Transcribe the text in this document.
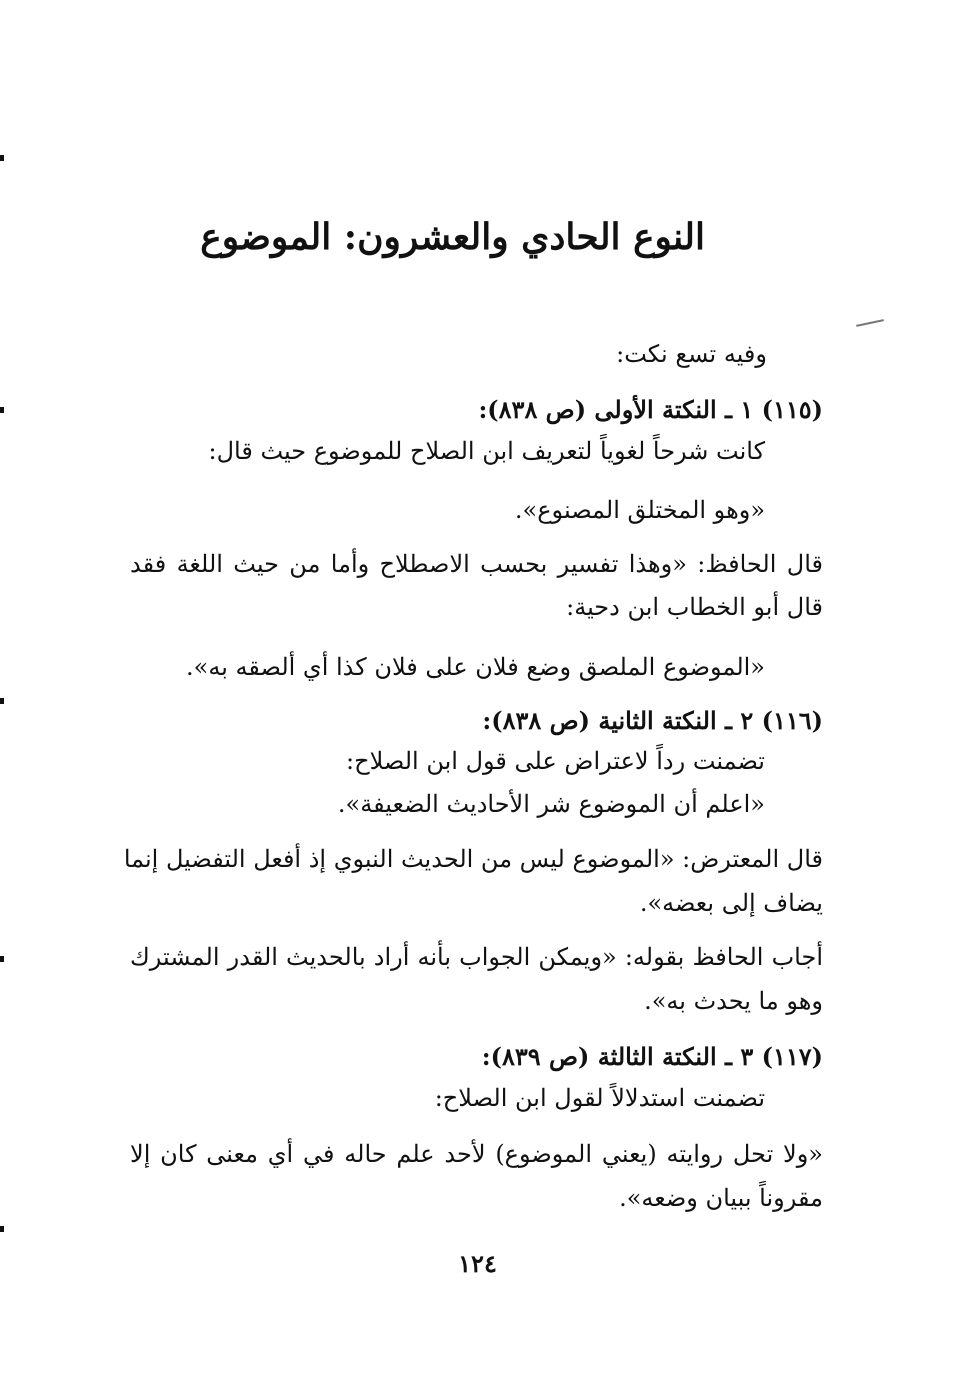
النوع الحادي والعشرون: الموضوع
وفيه تسع نكت:
(١١٥) ١ ـ النكتة الأولى (ص ٨٣٨):
كانت شرحاً لغوياً لتعريف ابن الصلاح للموضوع حيث قال:
«وهو المختلق المصنوع».
قال الحافظ: «وهذا تفسير بحسب الاصطلاح وأما من حيث اللغة فقد
قال أبو الخطاب ابن دحية:
«الموضوع الملصق وضع فلان على فلان كذا أي ألصقه به».
(١١٦) ٢ ـ النكتة الثانية (ص ٨٣٨):
تضمنت رداً لاعتراض على قول ابن الصلاح:
«اعلم أن الموضوع شر الأحاديث الضعيفة».
قال المعترض: «الموضوع ليس من الحديث النبوي إذ أفعل التفضيل إنما
يضاف إلى بعضه».
أجاب الحافظ بقوله: «ويمكن الجواب بأنه أراد بالحديث القدر المشترك
وهو ما يحدث به».
(١١٧) ٣ ـ النكتة الثالثة (ص ٨٣٩):
تضمنت استدلالاً لقول ابن الصلاح:
«ولا تحل روايته (يعني الموضوع) لأحد علم حاله في أي معنى كان إلا
مقروناً ببيان وضعه».
١٢٤
